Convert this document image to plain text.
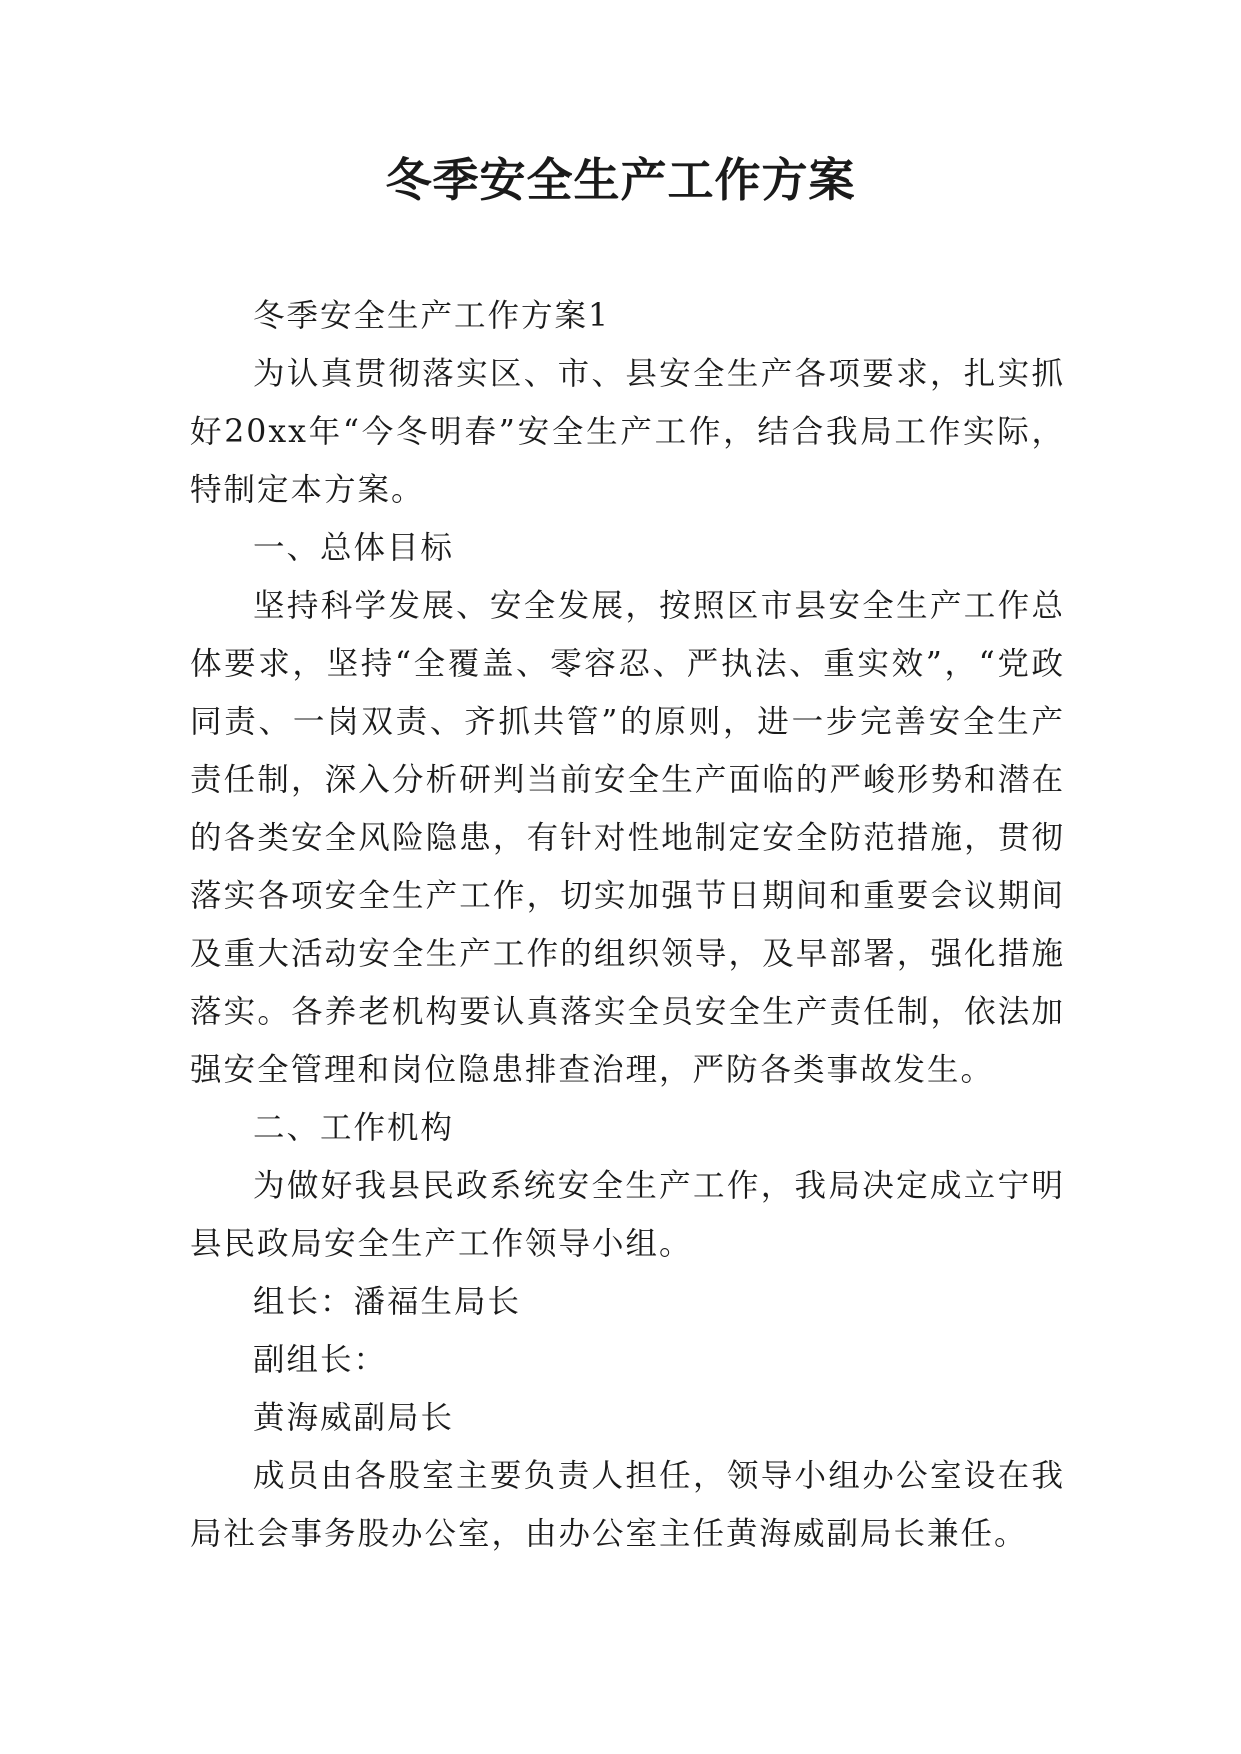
冬季安全生产工作方案

冬季安全生产工作方案1

为认真贯彻落实区、市、县安全生产各项要求，扎实抓好20xx年“今冬明春”安全生产工作，结合我局工作实际，特制定本方案。

一、总体目标

坚持科学发展、安全发展，按照区市县安全生产工作总体要求，坚持“全覆盖、零容忍、严执法、重实效”，“党政同责、一岗双责、齐抓共管”的原则，进一步完善安全生产责任制，深入分析研判当前安全生产面临的严峻形势和潜在的各类安全风险隐患，有针对性地制定安全防范措施，贯彻落实各项安全生产工作，切实加强节日期间和重要会议期间及重大活动安全生产工作的组织领导，及早部署，强化措施落实。各养老机构要认真落实全员安全生产责任制，依法加强安全管理和岗位隐患排查治理，严防各类事故发生。

二、工作机构

为做好我县民政系统安全生产工作，我局决定成立宁明县民政局安全生产工作领导小组。

组长：潘福生局长

副组长：

黄海威副局长

成员由各股室主要负责人担任，领导小组办公室设在我局社会事务股办公室，由办公室主任黄海威副局长兼任。
